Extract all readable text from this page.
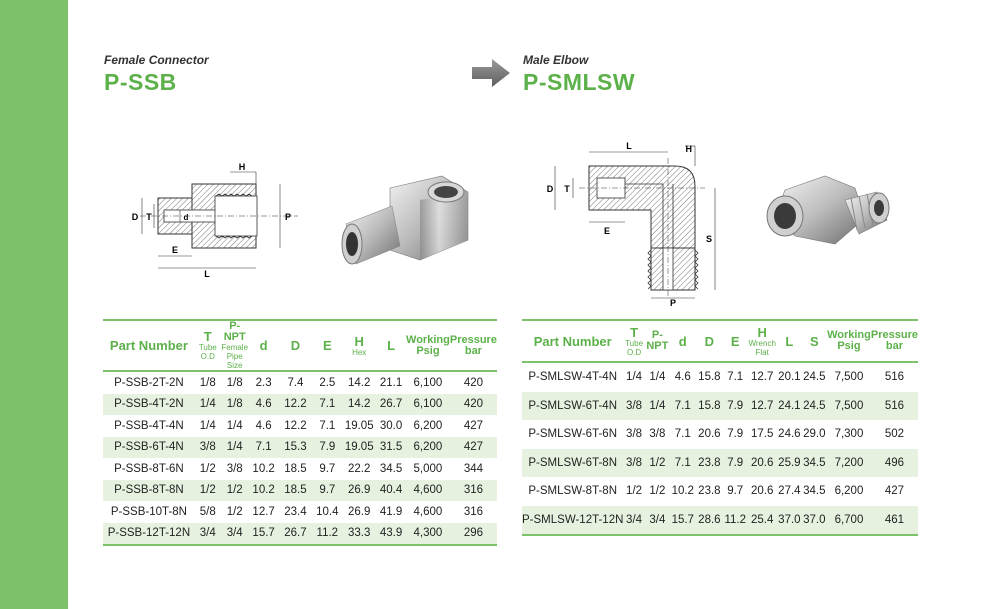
Female Connector
P-SSB
Male Elbow
P-SMLSW
H
D T	d	P
E
L
L	H
D T
E
S
P
Part Number	T
Tube
O.D	P-NPT
Female
Pipe
Size	d	D	E	H
Hex	L	Working
Psig	Pressure
bar
P-SSB-2T-2N	1/8	1/8	2.3	7.4	2.5	14.2	21.1	6,100	420
P-SSB-4T-2N	1/4	1/8	4.6	12.2	7.1	14.2	26.7	6,100	420
P-SSB-4T-4N	1/4	1/4	4.6	12.2	7.1	19.05	30.0	6,200	427
P-SSB-6T-4N	3/8	1/4	7.1	15.3	7.9	19.05	31.5	6,200	427
P-SSB-8T-6N	1/2	3/8	10.2	18.5	9.7	22.2	34.5	5,000	344
P-SSB-8T-8N	1/2	1/2	10.2	18.5	9.7	26.9	40.4	4,600	316
P-SSB-10T-8N	5/8	1/2	12.7	23.4	10.4	26.9	41.9	4,600	316
P-SSB-12T-12N	3/4	3/4	15.7	26.7	11.2	33.3	43.9	4,300	296
Part Number	T
Tube
O.D	P-
NPT	d	D	E	H
Wrench
Flat	L	S	Working
Psig	Pressure
bar
P-SMLSW-4T-4N	1/4	1/4	4.6	15.8	7.1	12.7	20.1	24.5	7,500	516
P-SMLSW-6T-4N	3/8	1/4	7.1	15.8	7.9	12.7	24.1	24.5	7,500	516
P-SMLSW-6T-6N	3/8	3/8	7.1	20.6	7.9	17.5	24.6	29.0	7,300	502
P-SMLSW-6T-8N	3/8	1/2	7.1	23.8	7.9	20.6	25.9	34.5	7,200	496
P-SMLSW-8T-8N	1/2	1/2	10.2	23.8	9.7	20.6	27.4	34.5	6,200	427
P-SMLSW-12T-12N	3/4	3/4	15.7	28.6	11.2	25.4	37.0	37.0	6,700	461
